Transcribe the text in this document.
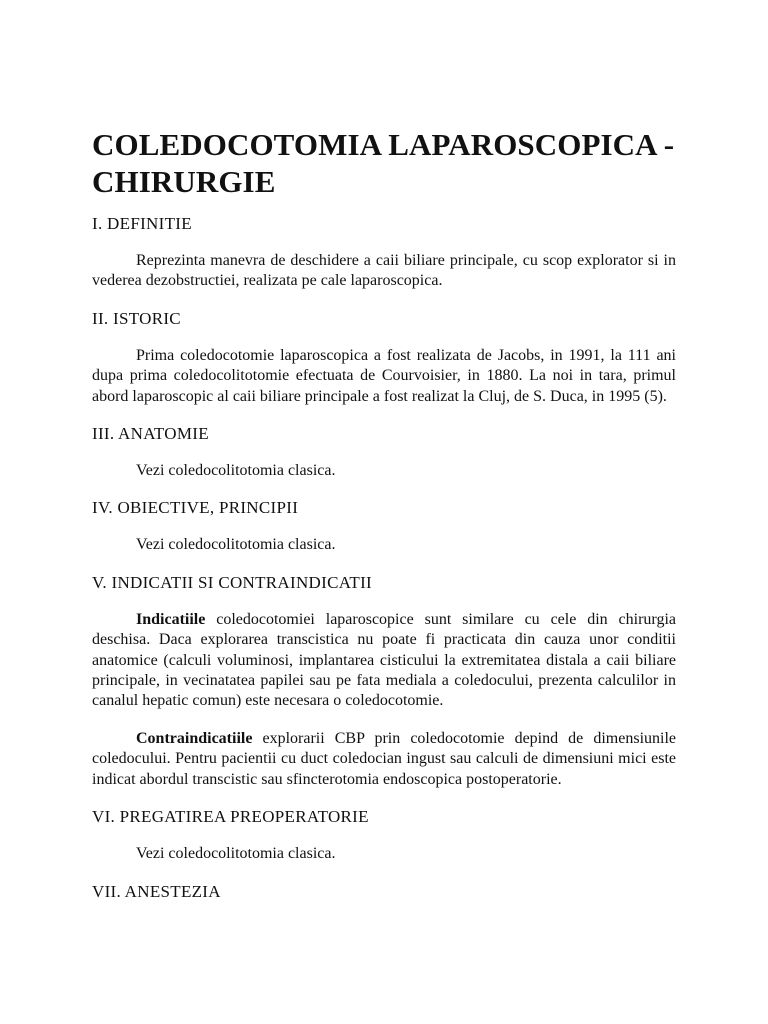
COLEDOCOTOMIA LAPAROSCOPICA - CHIRURGIE
I. DEFINITIE

Reprezinta manevra de deschidere a caii biliare principale, cu scop explorator si in vederea dezobstructiei, realizata pe cale laparoscopica.

II. ISTORIC

Prima coledocotomie laparoscopica a fost realizata de Jacobs, in 1991, la 111 ani dupa prima coledocolitotomie efectuata de Courvoisier, in 1880. La noi in tara, primul abord laparoscopic al caii biliare principale a fost realizat la Cluj, de S. Duca, in 1995 (5).

III. ANATOMIE

Vezi coledocolitotomia clasica.

IV. OBIECTIVE, PRINCIPII

Vezi coledocolitotomia clasica.

V. INDICATII SI CONTRAINDICATII

Indicatiile coledocotomiei laparoscopice sunt similare cu cele din chirurgia deschisa. Daca explorarea transcistica nu poate fi practicata din cauza unor conditii anatomice (calculi voluminosi, implantarea cisticului la extremitatea distala a caii biliare principale, in vecinatatea papilei sau pe fata mediala a coledocului, prezenta calculilor in canalul hepatic comun) este necesara o coledocotomie.

Contraindicatiile explorarii CBP prin coledocotomie depind de dimensiunile coledocului. Pentru pacientii cu duct coledocian ingust sau calculi de dimensiuni mici este indicat abordul transcistic sau sfincterotomia endoscopica postoperatorie.

VI. PREGATIREA PREOPERATORIE

Vezi coledocolitotomia clasica.

VII. ANESTEZIA
